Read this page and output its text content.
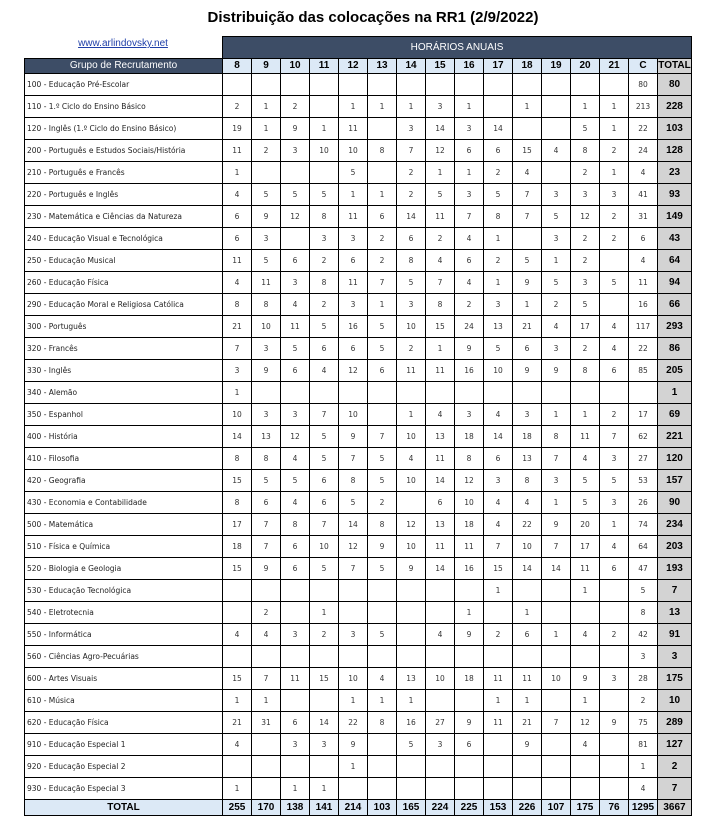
Distribuição das colocações na RR1 (2/9/2022)
www.arlindovsky.net
		HORÁRIOS ANUAIS															
Grupo de Recrutamento	8	9	10	11	12	13	14	15	16	17	18	19	20	21	C	TOTAL
100 - Educação Pré-Escolar															80	80
110 - 1.º Ciclo do Ensino Básico	2	1	2		1	1	1	3	1		1		1	1	213	228
120 - Inglês (1.º Ciclo do Ensino Básico)	19	1	9	1	11		3	14	3	14			5	1	22	103
200 - Português e Estudos Sociais/História	11	2	3	10	10	8	7	12	6	6	15	4	8	2	24	128
210 - Português e Francês	1				5		2	1	1	2	4		2	1	4	23
220 - Português e Inglês	4	5	5	5	1	1	2	5	3	5	7	3	3	3	41	93
230 - Matemática e Ciências da Natureza	6	9	12	8	11	6	14	11	7	8	7	5	12	2	31	149
240 - Educação Visual e Tecnológica	6	3		3	3	2	6	2	4	1		3	2	2	6	43
250 - Educação Musical	11	5	6	2	6	2	8	4	6	2	5	1	2		4	64
260 - Educação Física	4	11	3	8	11	7	5	7	4	1	9	5	3	5	11	94
290 - Educação Moral e Religiosa Católica	8	8	4	2	3	1	3	8	2	3	1	2	5		16	66
300 - Português	21	10	11	5	16	5	10	15	24	13	21	4	17	4	117	293
320 - Francês	7	3	5	6	6	5	2	1	9	5	6	3	2	4	22	86
330 - Inglês	3	9	6	4	12	6	11	11	16	10	9	9	8	6	85	205
340 - Alemão	1															1
350 - Espanhol	10	3	3	7	10		1	4	3	4	3	1	1	2	17	69
400 - História	14	13	12	5	9	7	10	13	18	14	18	8	11	7	62	221
410 - Filosofia	8	8	4	5	7	5	4	11	8	6	13	7	4	3	27	120
420 - Geografia	15	5	5	6	8	5	10	14	12	3	8	3	5	5	53	157
430 - Economia e Contabilidade	8	6	4	6	5	2		6	10	4	4	1	5	3	26	90
500 - Matemática	17	7	8	7	14	8	12	13	18	4	22	9	20	1	74	234
510 - Física e Química	18	7	6	10	12	9	10	11	11	7	10	7	17	4	64	203
520 - Biologia e Geologia	15	9	6	5	7	5	9	14	16	15	14	14	11	6	47	193
530 - Educação Tecnológica										1			1		5	7
540 - Eletrotecnia		2		1					1		1				8	13
550 - Informática	4	4	3	2	3	5		4	9	2	6	1	4	2	42	91
560 - Ciências Agro-Pecuárias															3	3
600 - Artes Visuais	15	7	11	15	10	4	13	10	18	11	11	10	9	3	28	175
610 - Música	1	1			1	1	1			1	1		1		2	10
620 - Educação Física	21	31	6	14	22	8	16	27	9	11	21	7	12	9	75	289
910 - Educação Especial 1	4		3	3	9		5	3	6		9		4		81	127
920 - Educação Especial 2					1										1	2
930 - Educação Especial 3	1		1	1											4	7
TOTAL	255	170	138	141	214	103	165	224	225	153	226	107	175	76	1295	3667
